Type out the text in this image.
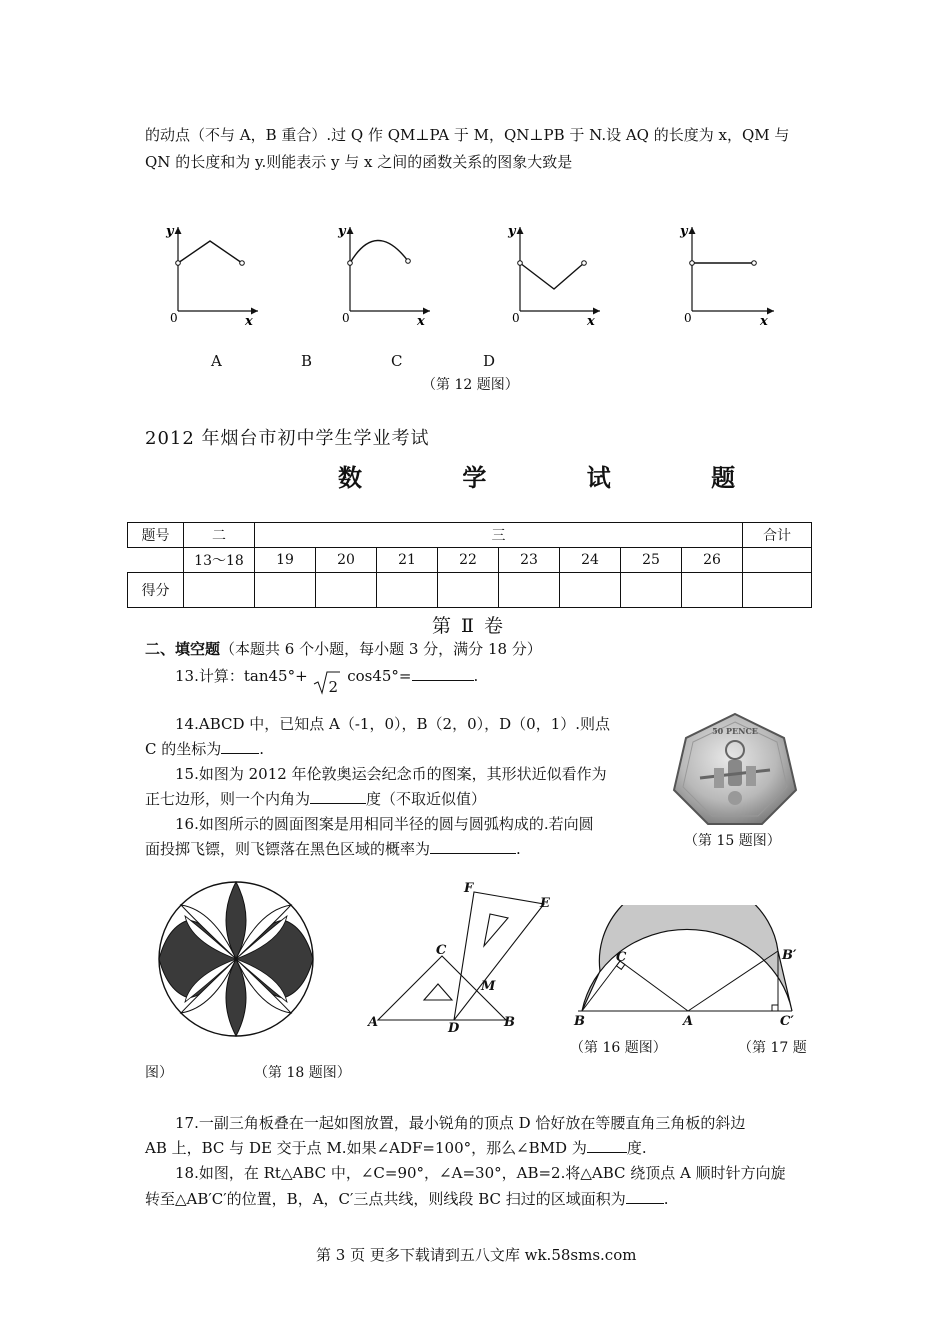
的动点（不与 A，B 重合）.过 Q 作 QM⊥PA 于 M，QN⊥PB 于 N.设 AQ 的长度为 x，QM 与
QN 的长度和为 y.则能表示 y 与 x 之间的函数关系的图象大致是
y
x
0
y
x
0
y
x
0
y
x
0
A	B	C	D
（第 12 题图）
2012 年烟台市初中学生学业考试
数 学 试 题
题号	二	三								合计
	13～18	19	20	21	22	23	24	25	26	
得分										
第 Ⅱ 卷
二、填空题（本题共 6 个小题，每小题 3 分，满分 18 分）
13.计算：tan45°+
2
cos45°=	.
14.ABCD 中，已知点 A（-1，0），B（2，0），D（0，1）.则点
C 的坐标为	.
15.如图为 2012 年伦敦奥运会纪念币的图案，其形状近似看作为
正七边形，则一个内角为	度（不取近似值）
16.如图所示的圆面图案是用相同半径的圆与圆弧构成的.若向圆
面投掷飞镖，则飞镖落在黑色区域的概率为	.
50 PENCE
（第 15 题图）
F
E
C
M
A	D	B
C	B′
B	A	C′
（第 16 题图）	（第 17 题
图）	（第 18 题图）
17.一副三角板叠在一起如图放置，最小锐角的顶点 D 恰好放在等腰直角三角板的斜边
AB 上，BC 与 DE 交于点 M.如果∠ADF=100°，那么∠BMD 为	度.
18.如图，在 Rt△ABC 中，∠C=90°，∠A=30°，AB=2.将△ABC 绕顶点 A 顺时针方向旋
转至△AB′C′的位置，B，A，C′三点共线，则线段 BC 扫过的区域面积为	.
第 3 页 更多下载请到五八文库 wk.58sms.com
